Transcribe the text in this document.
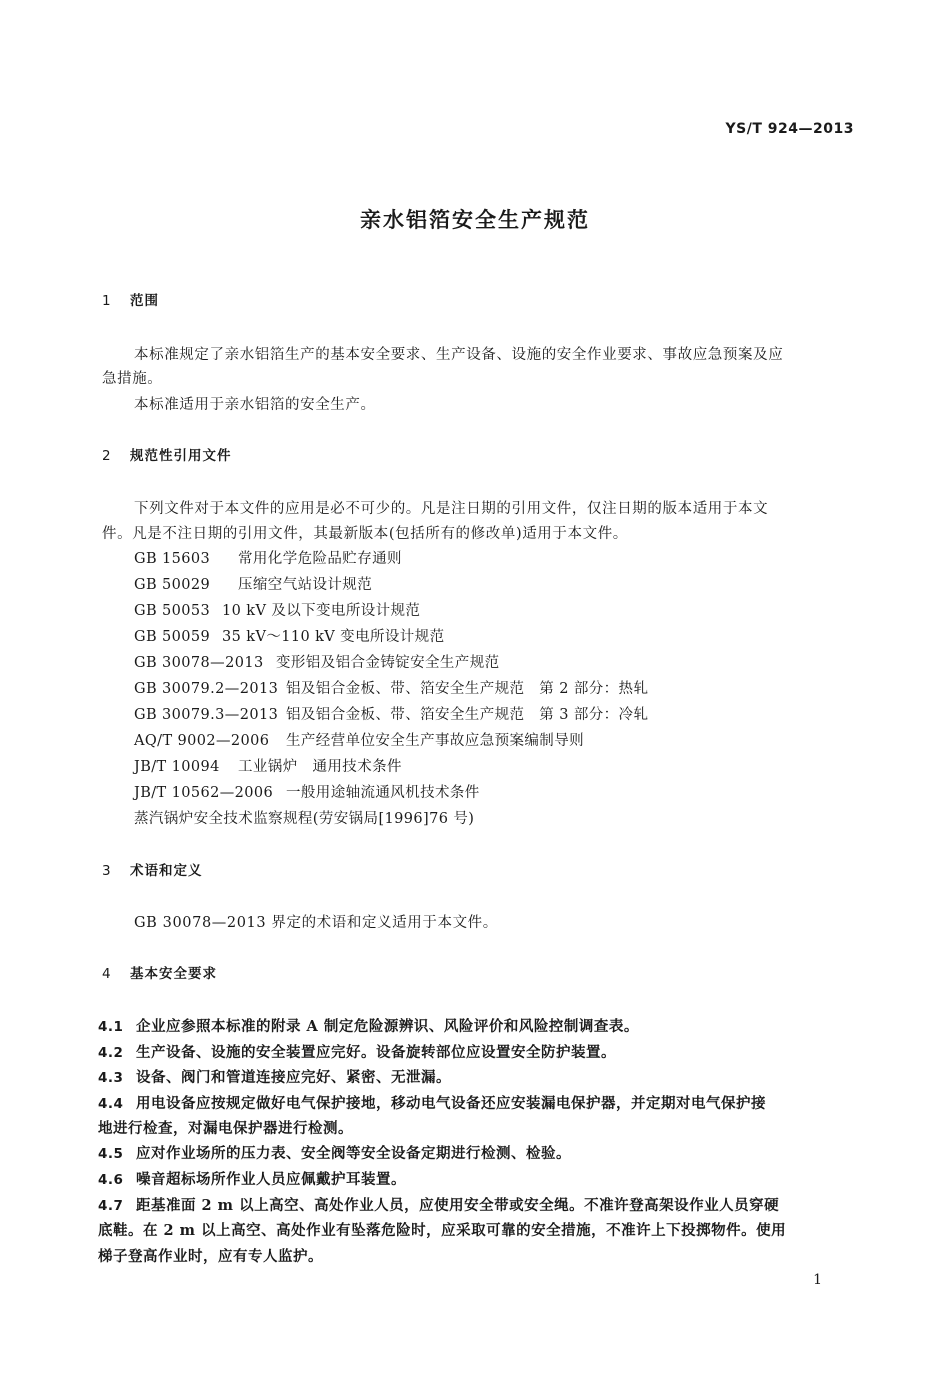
YS/T 924—2013
亲水铝箔安全生产规范
1 范围
本标准规定了亲水铝箔生产的基本安全要求、生产设备、设施的安全作业要求、事故应急预案及应
急措施。
本标准适用于亲水铝箔的安全生产。
2 规范性引用文件
下列文件对于本文件的应用是必不可少的。凡是注日期的引用文件，仅注日期的版本适用于本文
件。凡是不注日期的引用文件，其最新版本(包括所有的修改单)适用于本文件。
GB 15603 常用化学危险品贮存通则
GB 50029 压缩空气站设计规范
GB 50053 10 kV 及以下变电所设计规范
GB 50059 35 kV～110 kV 变电所设计规范
GB 30078—2013 变形铝及铝合金铸锭安全生产规范
GB 30079.2—2013 铝及铝合金板、带、箔安全生产规范　第 2 部分：热轧
GB 30079.3—2013 铝及铝合金板、带、箔安全生产规范　第 3 部分：冷轧
AQ/T 9002—2006 生产经营单位安全生产事故应急预案编制导则
JB/T 10094 工业锅炉　通用技术条件
JB/T 10562—2006 一般用途轴流通风机技术条件
蒸汽锅炉安全技术监察规程(劳安锅局[1996]76 号)
3 术语和定义
GB 30078—2013 界定的术语和定义适用于本文件。
4 基本安全要求
4.1 企业应参照本标准的附录 A 制定危险源辨识、风险评价和风险控制调查表。
4.2 生产设备、设施的安全装置应完好。设备旋转部位应设置安全防护装置。
4.3 设备、阀门和管道连接应完好、紧密、无泄漏。
4.4 用电设备应按规定做好电气保护接地，移动电气设备还应安装漏电保护器，并定期对电气保护接
地进行检查，对漏电保护器进行检测。
4.5 应对作业场所的压力表、安全阀等安全设备定期进行检测、检验。
4.6 噪音超标场所作业人员应佩戴护耳装置。
4.7 距基准面 2 m 以上高空、高处作业人员，应使用安全带或安全绳。不准许登高架设作业人员穿硬
底鞋。在 2 m 以上高空、高处作业有坠落危险时，应采取可靠的安全措施，不准许上下投掷物件。使用
梯子登高作业时，应有专人监护。
1
